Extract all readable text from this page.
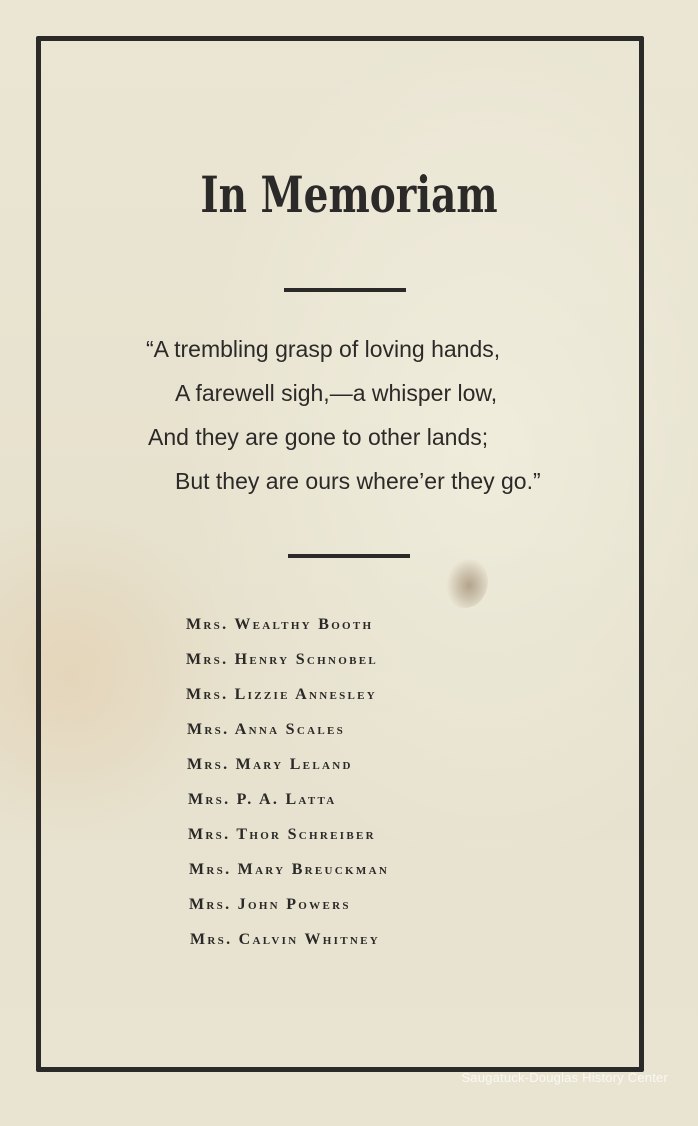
In Memoriam
“A trembling grasp of loving hands,
A farewell sigh,—a whisper low,
And they are gone to other lands;
But they are ours where’er they go.”
Mrs. Wealthy Booth
Mrs. Henry Schnobel
Mrs. Lizzie Annesley
Mrs. Anna Scales
Mrs. Mary Leland
Mrs. P. A. Latta
Mrs. Thor Schreiber
Mrs. Mary Breuckman
Mrs. John Powers
Mrs. Calvin Whitney
Saugatuck-Douglas History Center
